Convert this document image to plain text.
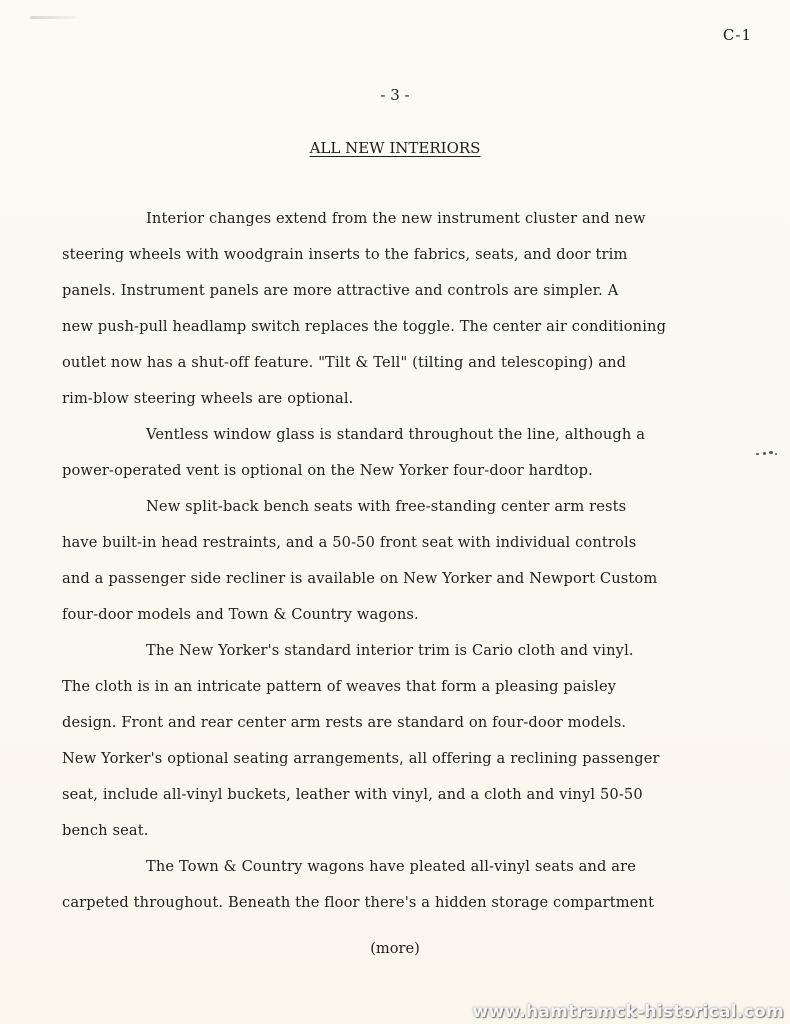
C-1
- 3 -
ALL NEW INTERIORS
Interior changes extend from the new instrument cluster and new
steering wheels with woodgrain inserts to the fabrics, seats, and door trim
panels. Instrument panels are more attractive and controls are simpler. A
new push-pull headlamp switch replaces the toggle. The center air conditioning
outlet now has a shut-off feature. "Tilt & Tell" (tilting and telescoping) and
rim-blow steering wheels are optional.
Ventless window glass is standard throughout the line, although a
power-operated vent is optional on the New Yorker four-door hardtop.
New split-back bench seats with free-standing center arm rests
have built-in head restraints, and a 50-50 front seat with individual controls
and a passenger side recliner is available on New Yorker and Newport Custom
four-door models and Town & Country wagons.
The New Yorker's standard interior trim is Cario cloth and vinyl.
The cloth is in an intricate pattern of weaves that form a pleasing paisley
design. Front and rear center arm rests are standard on four-door models.
New Yorker's optional seating arrangements, all offering a reclining passenger
seat, include all-vinyl buckets, leather with vinyl, and a cloth and vinyl 50-50
bench seat.
The Town & Country wagons have pleated all-vinyl seats and are
carpeted throughout. Beneath the floor there's a hidden storage compartment
(more)
www.hamtramck-historical.com
